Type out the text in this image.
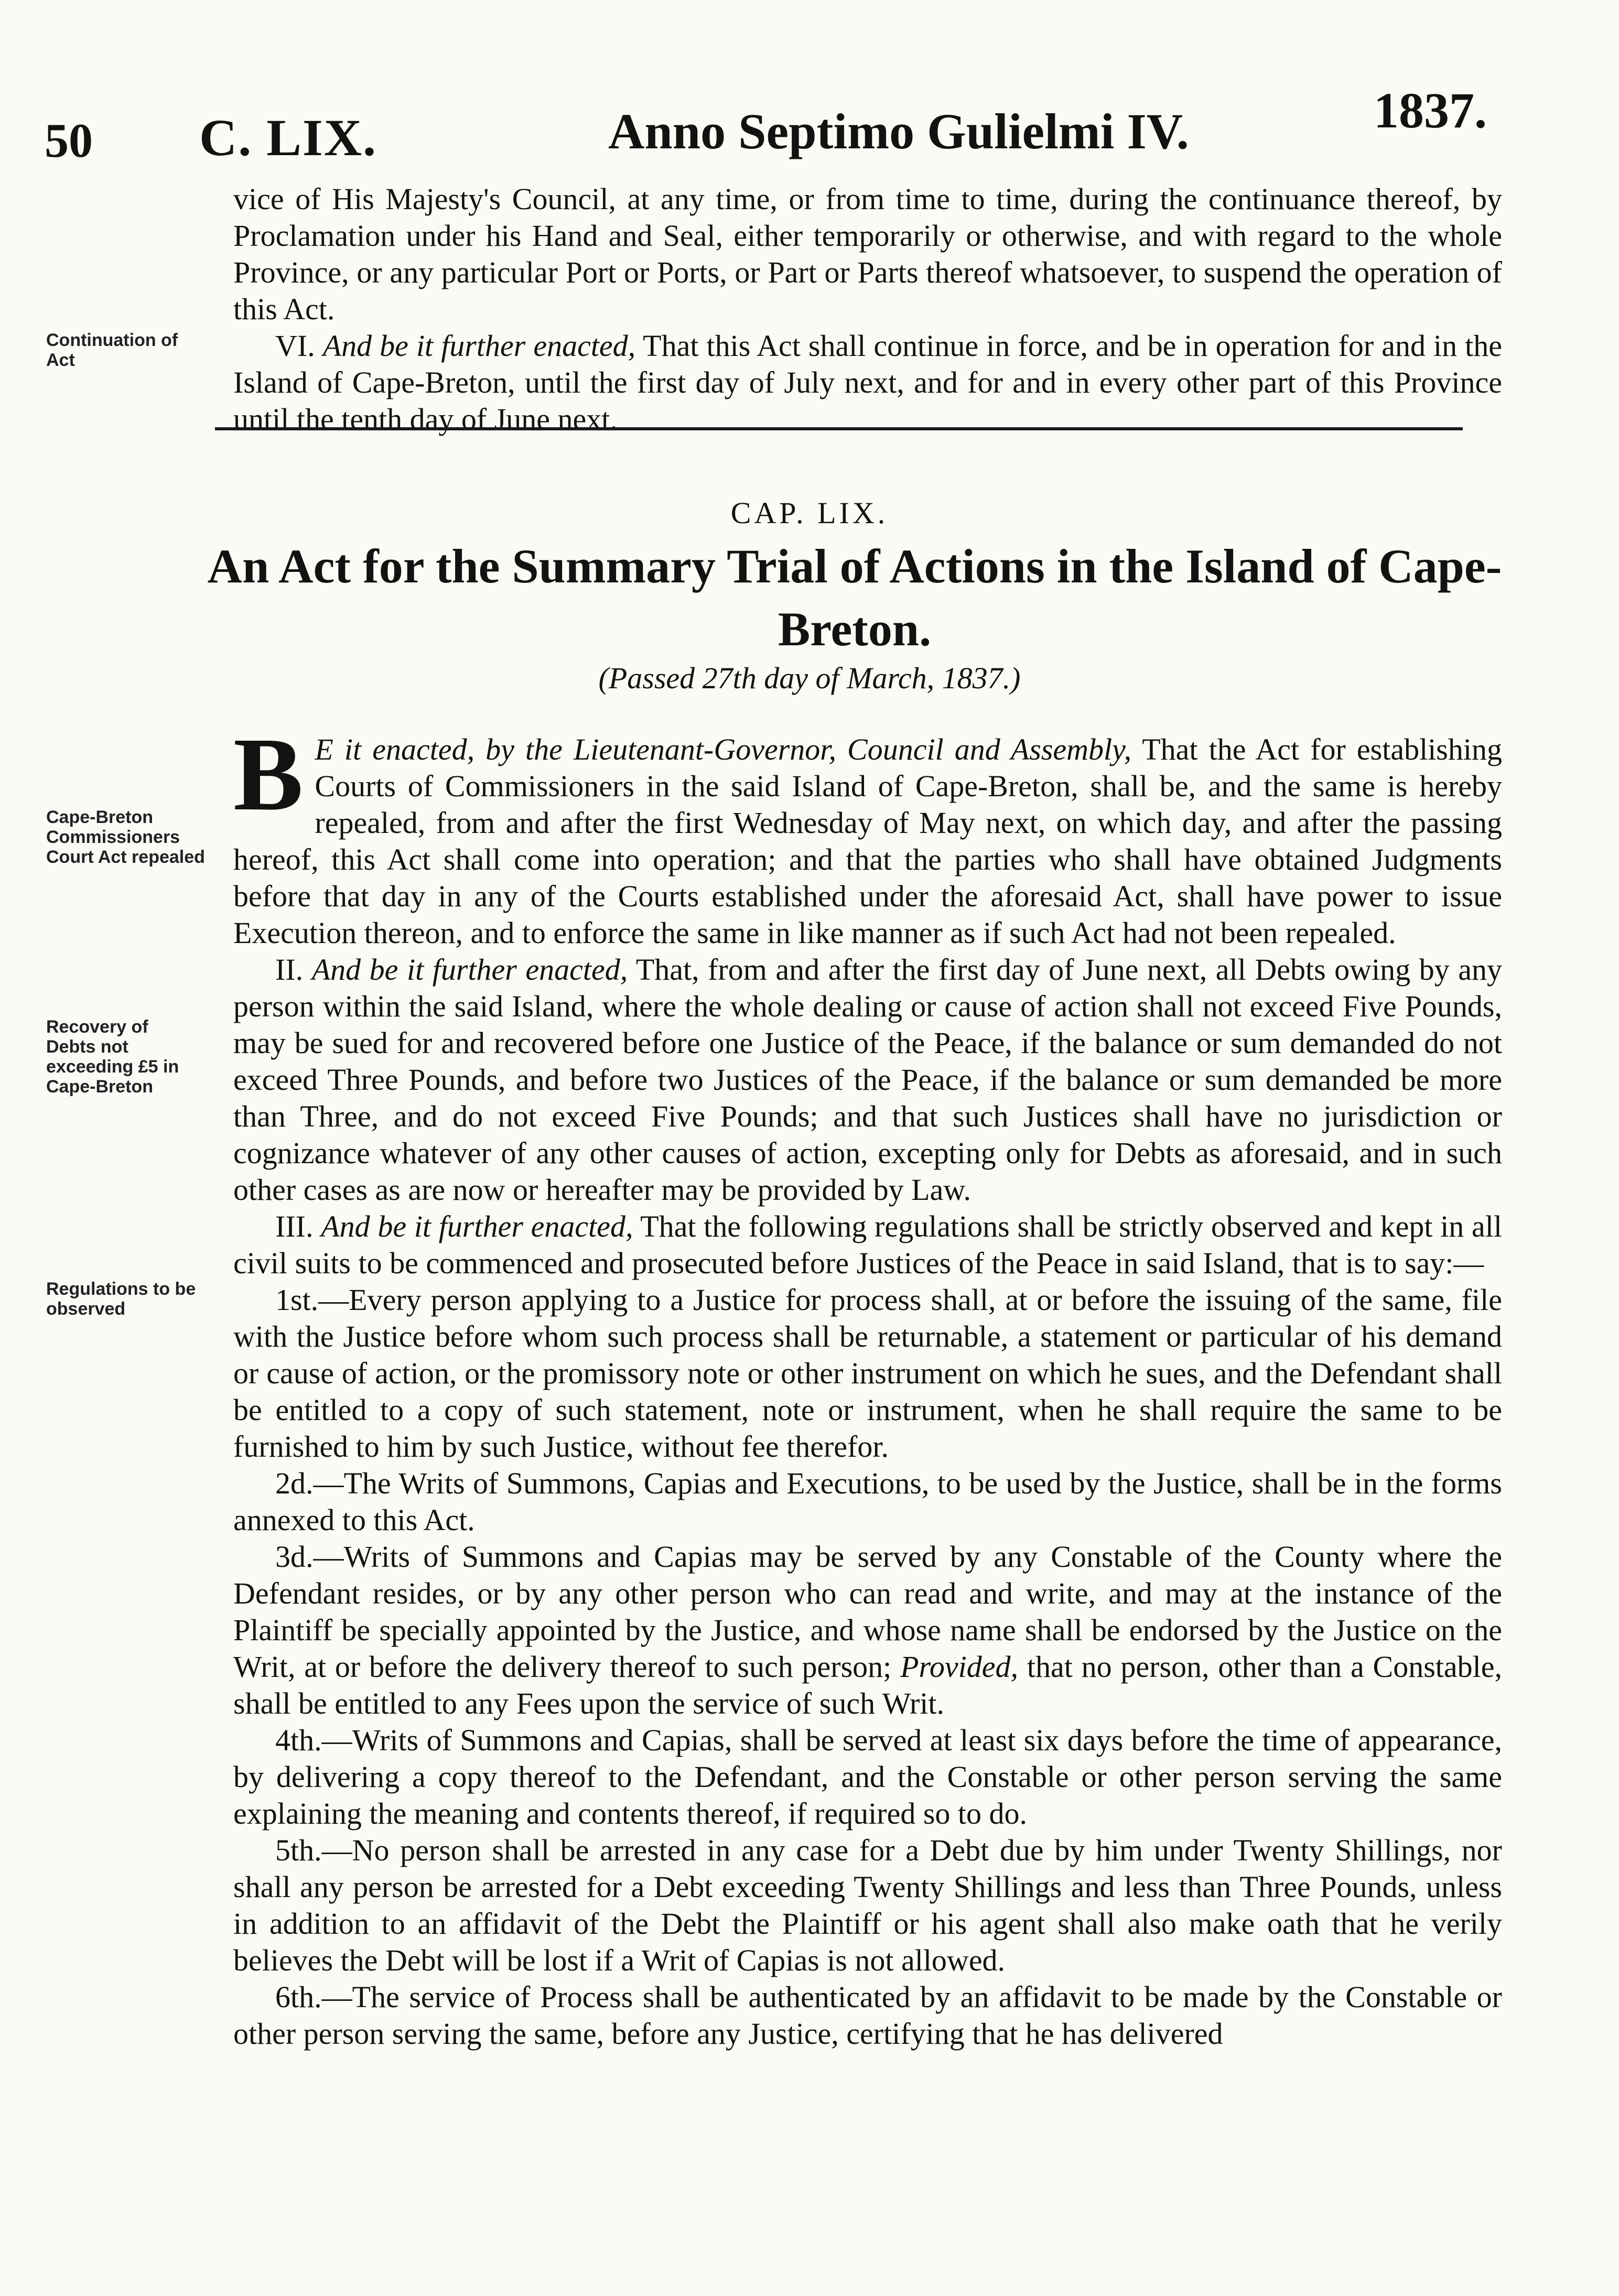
50 C. LIX.	Anno Septimo Gulielmi IV.	1837.

vice of His Majesty's Council, at any time, or from time to time, during the continuance thereof, by Proclamation under his Hand and Seal, either temporarily or otherwise, and with regard to the whole Province, or any particular Port or Ports, or Part or Parts thereof whatsoever, to suspend the operation of this Act.

VI. And be it further enacted, That this Act shall continue in force, and be in operation for and in the Island of Cape-Breton, until the first day of July next, and for and in every other part of this Province until the tenth day of June next.

Continuation of Act
CAP. LIX.
An Act for the Summary Trial of Actions in the Island of Cape-Breton.
(Passed 27th day of March, 1837.)

B E it enacted, by the Lieutenant-Governor, Council and Assembly, That the Act for establishing Courts of Commissioners in the said Island of Cape-Breton, shall be, and the same is hereby repealed, from and after the first Wednesday of May next, on which day, and after the passing hereof, this Act shall come into operation; and that the parties who shall have obtained Judgments before that day in any of the Courts established under the aforesaid Act, shall have power to issue Execution thereon, and to enforce the same in like manner as if such Act had not been repealed.

II. And be it further enacted, That, from and after the first day of June next, all Debts owing by any person within the said Island, where the whole dealing or cause of action shall not exceed Five Pounds, may be sued for and recovered before one Justice of the Peace, if the balance or sum demanded do not exceed Three Pounds, and before two Justices of the Peace, if the balance or sum demanded be more than Three, and do not exceed Five Pounds; and that such Justices shall have no jurisdiction or cognizance whatever of any other causes of action, excepting only for Debts as aforesaid, and in such other cases as are now or hereafter may be provided by Law.

III. And be it further enacted, That the following regulations shall be strictly observed and kept in all civil suits to be commenced and prosecuted before Justices of the Peace in said Island, that is to say:—

1st.—Every person applying to a Justice for process shall, at or before the issuing of the same, file with the Justice before whom such process shall be returnable, a statement or particular of his demand or cause of action, or the promissory note or other instrument on which he sues, and the Defendant shall be entitled to a copy of such statement, note or instrument, when he shall require the same to be furnished to him by such Justice, without fee therefor.

2d.—The Writs of Summons, Capias and Executions, to be used by the Justice, shall be in the forms annexed to this Act.

3d.—Writs of Summons and Capias may be served by any Constable of the County where the Defendant resides, or by any other person who can read and write, and may at the instance of the Plaintiff be specially appointed by the Justice, and whose name shall be endorsed by the Justice on the Writ, at or before the delivery thereof to such person; Provided, that no person, other than a Constable, shall be entitled to any Fees upon the service of such Writ.

4th.—Writs of Summons and Capias, shall be served at least six days before the time of appearance, by delivering a copy thereof to the Defendant, and the Constable or other person serving the same explaining the meaning and contents thereof, if required so to do.

5th.—No person shall be arrested in any case for a Debt due by him under Twenty Shillings, nor shall any person be arrested for a Debt exceeding Twenty Shillings and less than Three Pounds, unless in addition to an affidavit of the Debt the Plaintiff or his agent shall also make oath that he verily believes the Debt will be lost if a Writ of Capias is not allowed.

6th.—The service of Process shall be authenticated by an affidavit to be made by the Constable or other person serving the same, before any Justice, certifying that he has delivered

Cape-Breton Commissioners Court Act repealed
Recovery of Debts not exceeding £5 in Cape-Breton
Regulations to be observed
